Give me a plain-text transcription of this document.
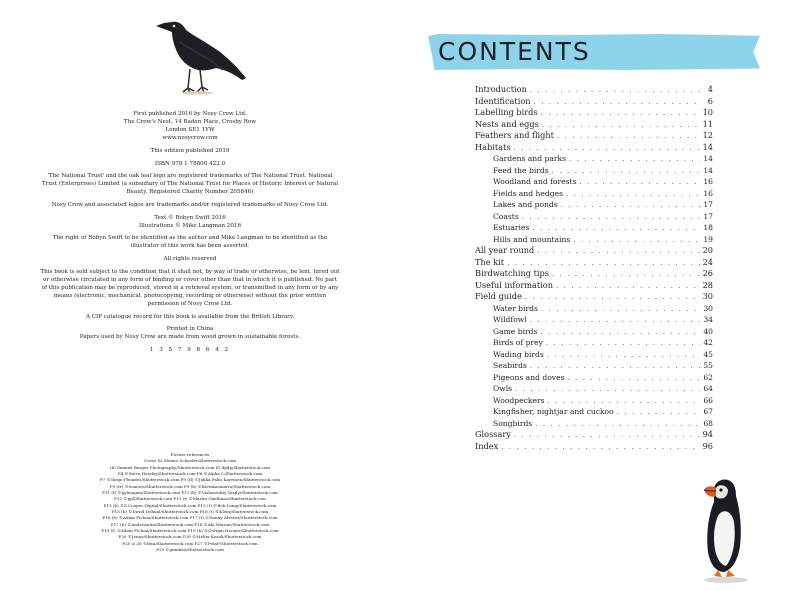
First published 2016 by Nosy Crow Ltd.
The Crow's Nest, 14 Baden Place, Crosby Row
London SE1 1YW
www.nosycrow.com

This edition published 2019

ISBN 978 1 78800 422 0

'The National Trust' and the oak leaf logo are registered trademarks of The National Trust. National Trust (Enterprises) Limited (a subsidiary of The National Trust for Places of Historic Interest or Natural Beauty, Registered Charity Number 205846)

Nosy Crow and associated logos are trademarks and/or registered trademarks of Nosy Crow Ltd.

Text © Robyn Swift 2016
Illustrations © Mike Langman 2016

The right of Robyn Swift to be identified as the author and Mike Langman to be identified as the illustrator of this work has been asserted.

All rights reserved

This book is sold subject to the condition that it shall not, by way of trade or otherwise, be lent, hired out or otherwise circulated in any form of binding or cover other than that in which it is published. No part of this publication may be reproduced, stored in a retrieval system, or transmitted in any form or by any means (electronic, mechanical, photocopying, recording or otherwise) without the prior written permission of Nosy Crow Ltd.

A CIP catalogue record for this book is available from the British Library.

Printed in China
Papers used by Nosy Crow are made from wood grown in sustainable forests.

1 3 5 7 9 8 6 4 2

Picture references
Cover (t) Menno Schaefer/Shutterstock.com
(b) Samuel Borges Photography/Shutterstock.com (l) dgdp/Shutterstock.com
P4 ©Steve Horsley/Shutterstock.com P6 ©Alpha C/Shutterstock.com
P7 ©Targn Pleiades/Shutterstock.com P9 (tl) ©Jukka Palm Karvinen/Shutterstock.com
P9 (tr) ©ivanova/Shutterstock.com P9 (b) ©Kietskaeanova/Shutterstock.com
P11 (t) ©gylenigmi/Shutterstock.com P11 (b) ©Vishnevskiy Vasily/Shutterstock.com
P12 ©ppl/Shutterstock.com P13 (t) ©Martin Gaulhnas/Shutterstock.com
P13 (b) ©S.Cooper Digital/Shutterstock.com P15 (t) ©Bob Lemp/Shutterstock.com
P15 (b) ©David Dohnal/Shutterstock.com P16 (t) ©Klein/Shutterstock.com
P16 (b) ©Adam Fichna/Shutterstock.com P17 (t) ©Danny Alvarez/Shutterstock.com
P17 (b) ©AndreAnita/Shutterstock.com P18 ©Abi Warner/Shutterstock.com
P19 (t) ©Adam Fichna/Shutterstock.com P19 (b) ©Gertjan Hooijer/Shutterstock.com
P20 ©Jenny/Shutterstock.com P26 ©Melita Kozak/Shutterstock.com
P25 & 26 ©Emi/Shutterstock.com P27 ©PetaP/Shutterstock.com
P29 ©gumbas/Shutterstock.com
CONTENTS
Introduction . . .	4
Identification . . .	6
Labelling birds . . .	10
Nests and eggs . . .	11
Feathers and flight . . .	12
Habitats . . .	14
Gardens and parks . . .	14
Feed the birds . . .	14
Woodland and forests . . .	16
Fields and hedges . . .	16
Lakes and ponds . . .	17
Coasts . . .	17
Estuaries . . .	18
Hills and mountains . . .	19
All year round . . .	20
The kit . . .	24
Birdwatching tips . . .	26
Useful information . . .	28
Field guide . . .	30
Water birds . . .	30
Wildfowl . . .	34
Game birds . . .	40
Birds of prey . . .	42
Wading birds . . .	45
Seabirds . . .	55
Pigeons and doves . . .	62
Owls . . .	64
Woodpeckers . . .	66
Kingfisher, nightjar and cuckoo . . .	67
Songbirds . . .	68
Glossary . . .	94
Index . . .	96
